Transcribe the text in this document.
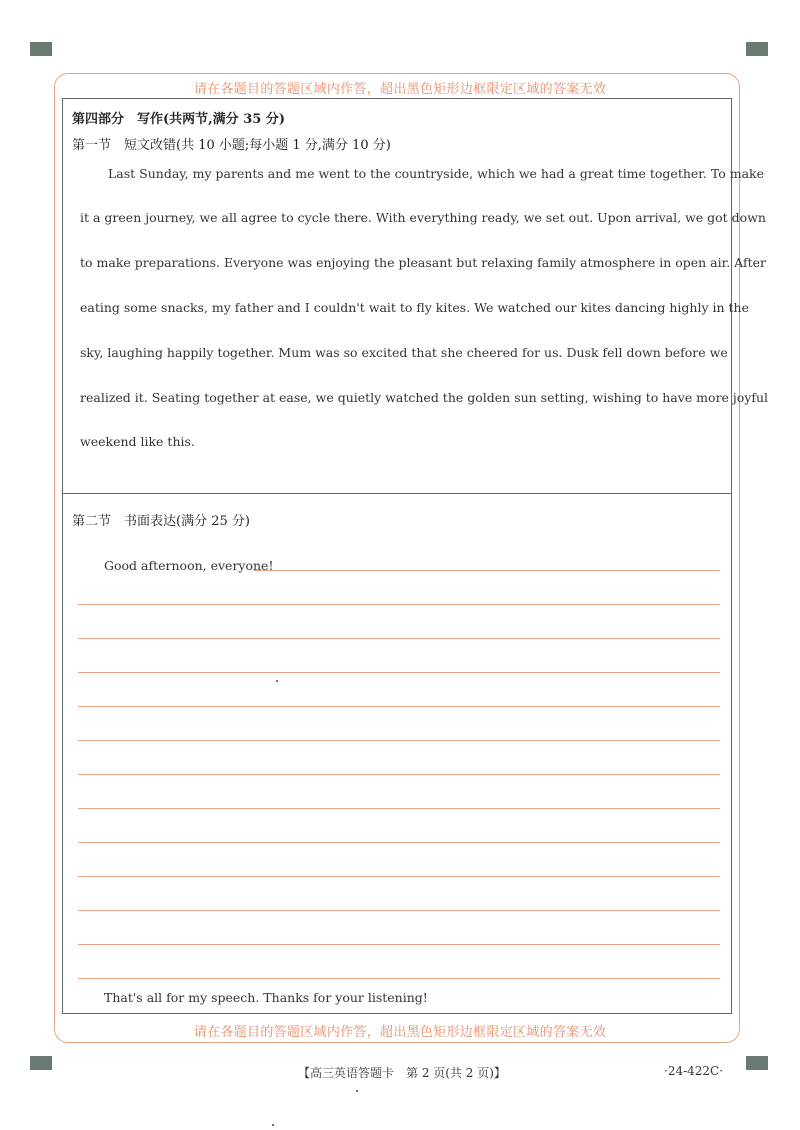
请在各题目的答题区域内作答，超出黑色矩形边框限定区域的答案无效
第四部分　写作(共两节,满分 35 分)
第一节　短文改错(共 10 小题;每小题 1 分,满分 10 分)
Last Sunday, my parents and me went to the countryside, which we had a great time together. To make
it a green journey, we all agree to cycle there. With everything ready, we set out. Upon arrival, we got down
to make preparations. Everyone was enjoying the pleasant but relaxing family atmosphere in open air. After
eating some snacks, my father and I couldn't wait to fly kites. We watched our kites dancing highly in the
sky, laughing happily together. Mum was so excited that she cheered for us. Dusk fell down before we
realized it. Seating together at ease, we quietly watched the golden sun setting, wishing to have more joyful
weekend like this.
第二节　书面表达(满分 25 分)
Good afternoon, everyone!
That's all for my speech. Thanks for your listening!
请在各题目的答题区域内作答，超出黑色矩形边框限定区域的答案无效
【高三英语答题卡　第 2 页(共 2 页)】	·24-422C·
